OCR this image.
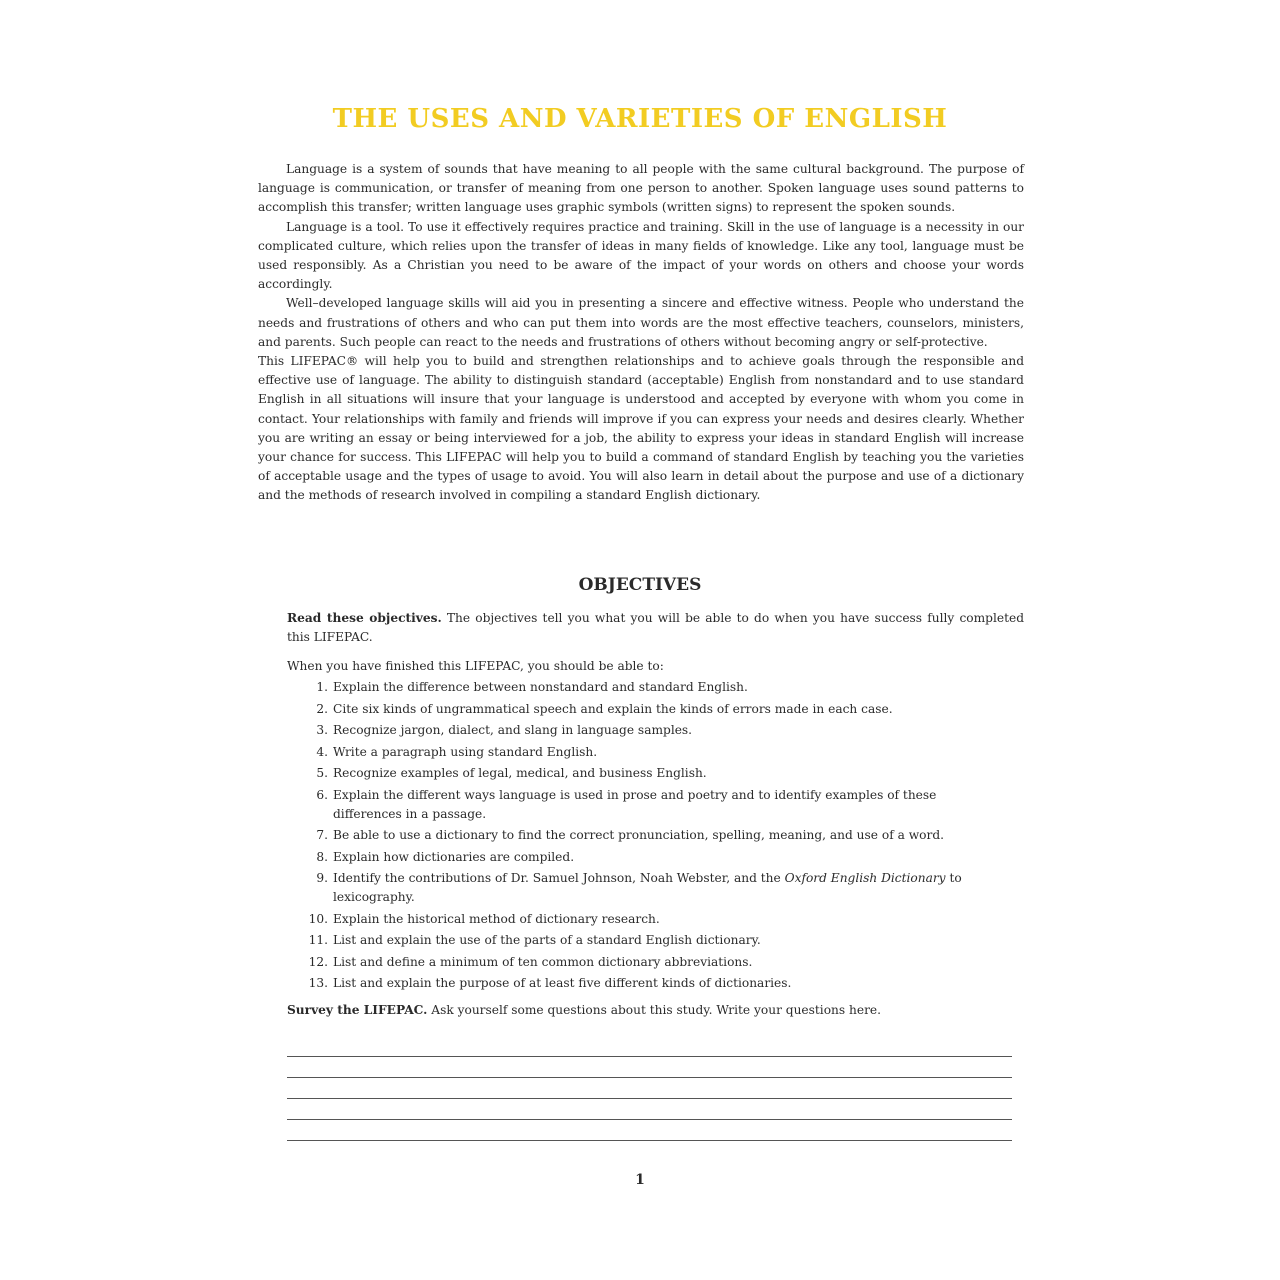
THE USES AND VARIETIES OF ENGLISH

Language is a system of sounds that have meaning to all people with the same cultural background. The purpose of language is communication, or transfer of meaning from one person to another. Spoken language uses sound patterns to accomplish this transfer; written language uses graphic symbols (written signs) to represent the spoken sounds.

Language is a tool. To use it effectively requires practice and training. Skill in the use of language is a necessity in our complicated culture, which relies upon the transfer of ideas in many fields of knowledge. Like any tool, language must be used responsibly. As a Christian you need to be aware of the impact of your words on others and choose your words accordingly.

Well–developed language skills will aid you in presenting a sincere and effective witness. People who understand the needs and frustrations of others and who can put them into words are the most effective teachers, counselors, ministers, and parents. Such people can react to the needs and frustrations of others without becoming angry or self-protective.

This LIFEPAC® will help you to build and strengthen relationships and to achieve goals through the responsible and effective use of language. The ability to distinguish standard (acceptable) English from nonstandard and to use standard English in all situations will insure that your language is understood and accepted by everyone with whom you come in contact. Your relationships with family and friends will improve if you can express your needs and desires clearly. Whether you are writing an essay or being interviewed for a job, the ability to express your ideas in standard English will increase your chance for success. This LIFEPAC will help you to build a command of standard English by teaching you the varieties of acceptable usage and the types of usage to avoid. You will also learn in detail about the purpose and use of a dictionary and the methods of research involved in compiling a standard English dictionary.

OBJECTIVES

Read these objectives. The objectives tell you what you will be able to do when you have success fully completed this LIFEPAC.

When you have finished this LIFEPAC, you should be able to:

1. Explain the difference between nonstandard and standard English.
2. Cite six kinds of ungrammatical speech and explain the kinds of errors made in each case.
3. Recognize jargon, dialect, and slang in language samples.
4. Write a paragraph using standard English.
5. Recognize examples of legal, medical, and business English.
6. Explain the different ways language is used in prose and poetry and to identify examples of these differences in a passage.
7. Be able to use a dictionary to find the correct pronunciation, spelling, meaning, and use of a word.
8. Explain how dictionaries are compiled.
9. Identify the contributions of Dr. Samuel Johnson, Noah Webster, and the Oxford English Dictionary to lexicography.
10. Explain the historical method of dictionary research.
11. List and explain the use of the parts of a standard English dictionary.
12. List and define a minimum of ten common dictionary abbreviations.
13. List and explain the purpose of at least five different kinds of dictionaries.

Survey the LIFEPAC. Ask yourself some questions about this study. Write your questions here.

1
